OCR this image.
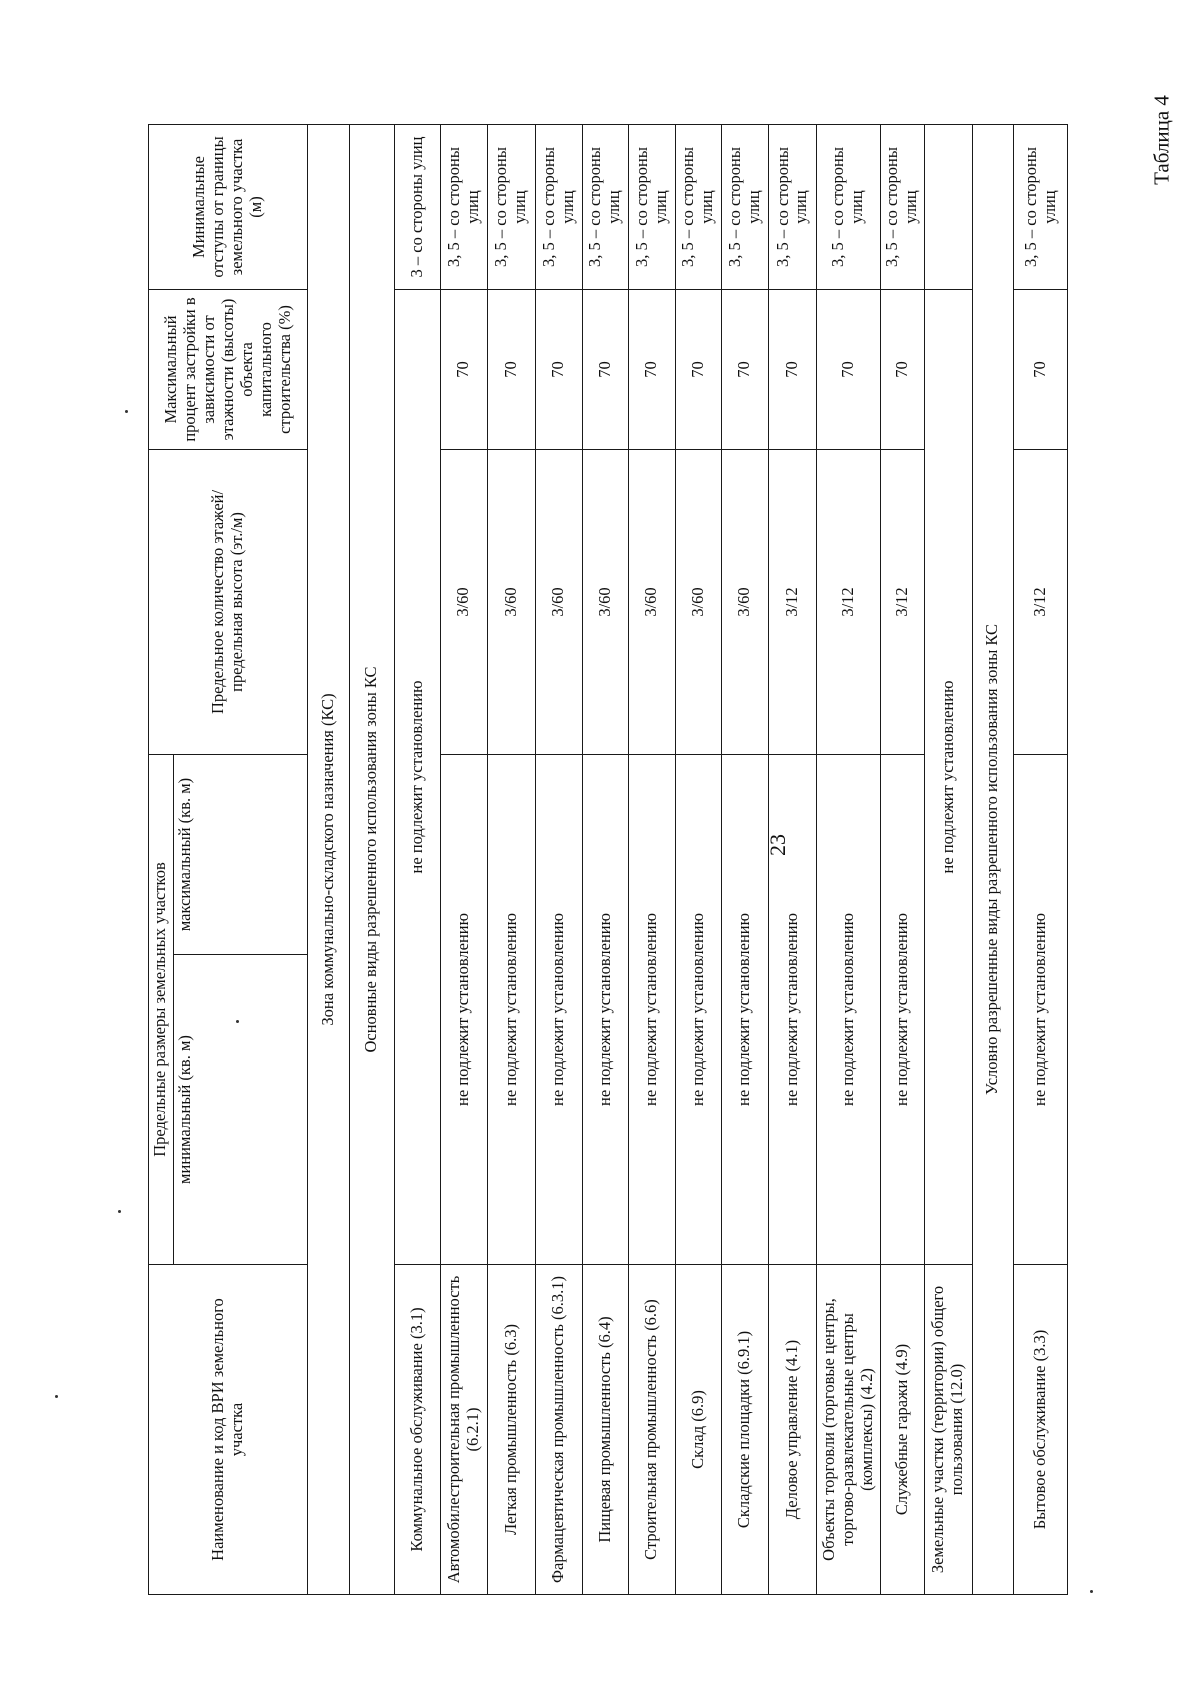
23
Таблица 4
Наименование и код ВРИ земельного участка	Предельные размеры земельных участков		Предельное количество этажей/предельная высота (эт./м)	Максимальный процент застройки в зависимости от этажности (высоты) объекта капитального строительства (%)	Минимальные отступы от границы земельного участка (м)
	минимальный (кв. м)	максимальный (кв. м)			
Зона коммунально-складского назначения (КС)					
Основные виды разрешенного использования зоны КС					
Коммунальное обслуживание (3.1)	не подлежит установлению				3 – со стороны улиц
Автомобилестроительная промышленность (6.2.1)	не подлежит установлению		3/60	70	3, 5 – со стороны улиц
Легкая промышленность (6.3)	не подлежит установлению		3/60	70	3, 5 – со стороны улиц
Фармацевтическая промышленность (6.3.1)	не подлежит установлению		3/60	70	3, 5 – со стороны улиц
Пищевая промышленность (6.4)	не подлежит установлению		3/60	70	3, 5 – со стороны улиц
Строительная промышленность (6.6)	не подлежит установлению		3/60	70	3, 5 – со стороны улиц
Склад (6.9)	не подлежит установлению		3/60	70	3, 5 – со стороны улиц
Складские площадки (6.9.1)	не подлежит установлению		3/60	70	3, 5 – со стороны улиц
Деловое управление (4.1)	не подлежит установлению		3/12	70	3, 5 – со стороны улиц
Объекты торговли (торговые центры, торгово-развлекательные центры (комплексы) (4.2)	не подлежит установлению		3/12	70	3, 5 – со стороны улиц
Служебные гаражи (4.9)	не подлежит установлению		3/12	70	3, 5 – со стороны улиц
Земельные участки (территории) общего пользования (12.0)	не подлежит установлению				
Условно разрешенные виды разрешенного использования зоны КС					
Бытовое обслуживание (3.3)	не подлежит установлению		3/12	70	3, 5 – со стороны улиц
